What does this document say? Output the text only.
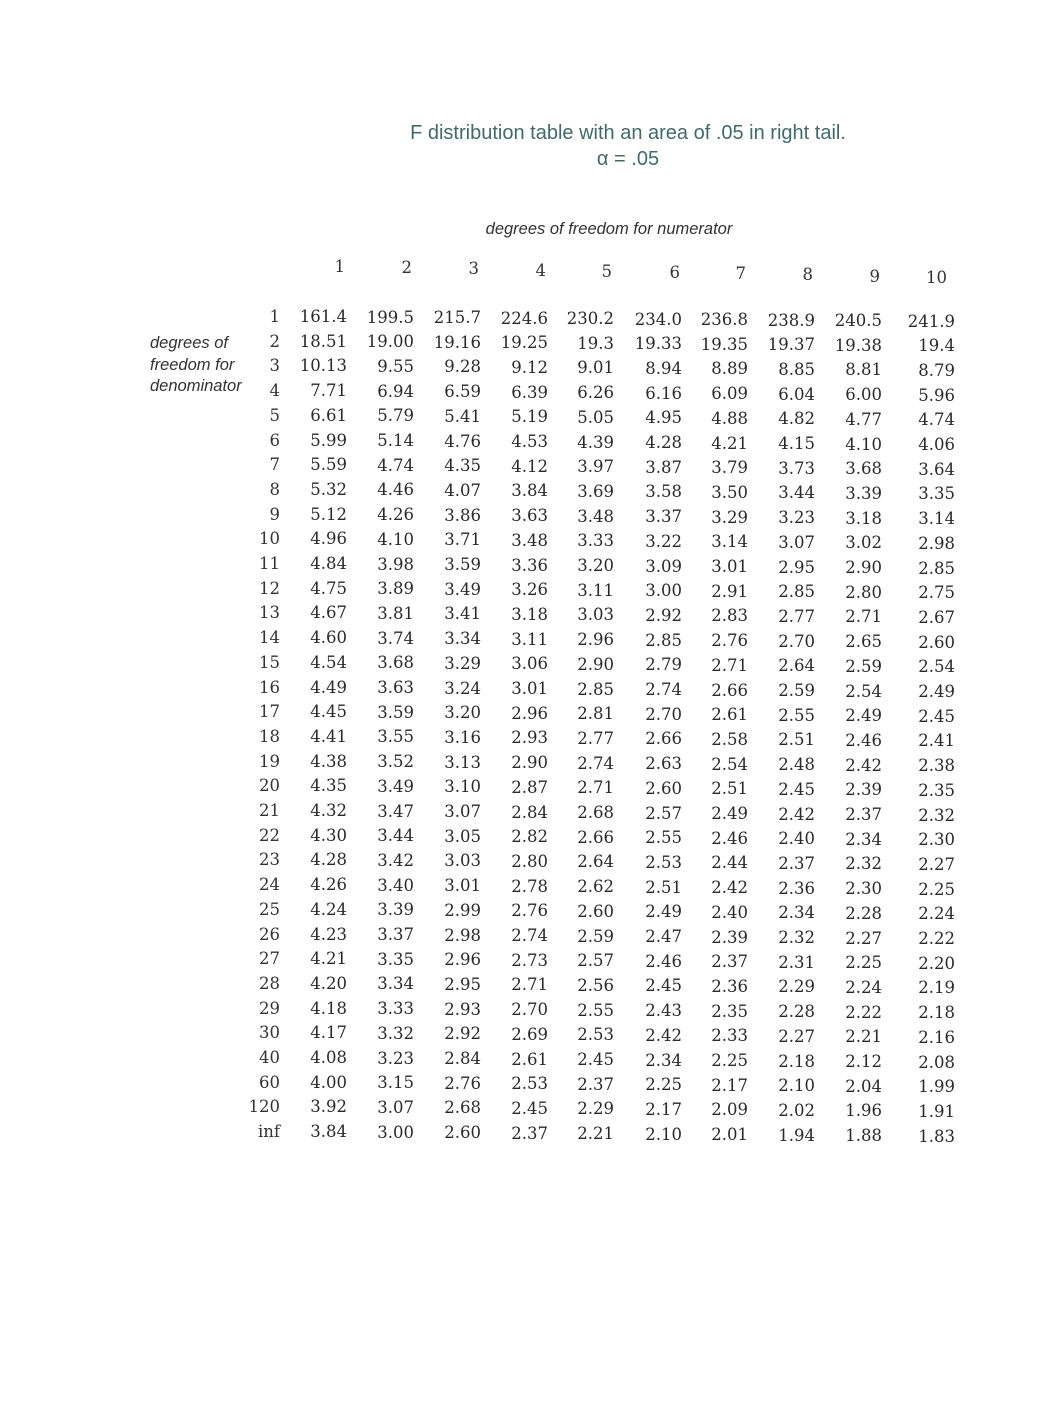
F distribution table with an area of .05 in right tail.
α = .05
degrees of freedom for numerator
degrees of
freedom for
denominator
1	2	3	4	5	6	7	8	9	10
1	161.4	199.5	215.7	224.6	230.2	234.0	236.8	238.9	240.5	241.9
2	18.51	19.00	19.16	19.25	19.3	19.33	19.35	19.37	19.38	19.4
3	10.13	9.55	9.28	9.12	9.01	8.94	8.89	8.85	8.81	8.79
4	7.71	6.94	6.59	6.39	6.26	6.16	6.09	6.04	6.00	5.96
5	6.61	5.79	5.41	5.19	5.05	4.95	4.88	4.82	4.77	4.74
6	5.99	5.14	4.76	4.53	4.39	4.28	4.21	4.15	4.10	4.06
7	5.59	4.74	4.35	4.12	3.97	3.87	3.79	3.73	3.68	3.64
8	5.32	4.46	4.07	3.84	3.69	3.58	3.50	3.44	3.39	3.35
9	5.12	4.26	3.86	3.63	3.48	3.37	3.29	3.23	3.18	3.14
10	4.96	4.10	3.71	3.48	3.33	3.22	3.14	3.07	3.02	2.98
11	4.84	3.98	3.59	3.36	3.20	3.09	3.01	2.95	2.90	2.85
12	4.75	3.89	3.49	3.26	3.11	3.00	2.91	2.85	2.80	2.75
13	4.67	3.81	3.41	3.18	3.03	2.92	2.83	2.77	2.71	2.67
14	4.60	3.74	3.34	3.11	2.96	2.85	2.76	2.70	2.65	2.60
15	4.54	3.68	3.29	3.06	2.90	2.79	2.71	2.64	2.59	2.54
16	4.49	3.63	3.24	3.01	2.85	2.74	2.66	2.59	2.54	2.49
17	4.45	3.59	3.20	2.96	2.81	2.70	2.61	2.55	2.49	2.45
18	4.41	3.55	3.16	2.93	2.77	2.66	2.58	2.51	2.46	2.41
19	4.38	3.52	3.13	2.90	2.74	2.63	2.54	2.48	2.42	2.38
20	4.35	3.49	3.10	2.87	2.71	2.60	2.51	2.45	2.39	2.35
21	4.32	3.47	3.07	2.84	2.68	2.57	2.49	2.42	2.37	2.32
22	4.30	3.44	3.05	2.82	2.66	2.55	2.46	2.40	2.34	2.30
23	4.28	3.42	3.03	2.80	2.64	2.53	2.44	2.37	2.32	2.27
24	4.26	3.40	3.01	2.78	2.62	2.51	2.42	2.36	2.30	2.25
25	4.24	3.39	2.99	2.76	2.60	2.49	2.40	2.34	2.28	2.24
26	4.23	3.37	2.98	2.74	2.59	2.47	2.39	2.32	2.27	2.22
27	4.21	3.35	2.96	2.73	2.57	2.46	2.37	2.31	2.25	2.20
28	4.20	3.34	2.95	2.71	2.56	2.45	2.36	2.29	2.24	2.19
29	4.18	3.33	2.93	2.70	2.55	2.43	2.35	2.28	2.22	2.18
30	4.17	3.32	2.92	2.69	2.53	2.42	2.33	2.27	2.21	2.16
40	4.08	3.23	2.84	2.61	2.45	2.34	2.25	2.18	2.12	2.08
60	4.00	3.15	2.76	2.53	2.37	2.25	2.17	2.10	2.04	1.99
120	3.92	3.07	2.68	2.45	2.29	2.17	2.09	2.02	1.96	1.91
inf	3.84	3.00	2.60	2.37	2.21	2.10	2.01	1.94	1.88	1.83
